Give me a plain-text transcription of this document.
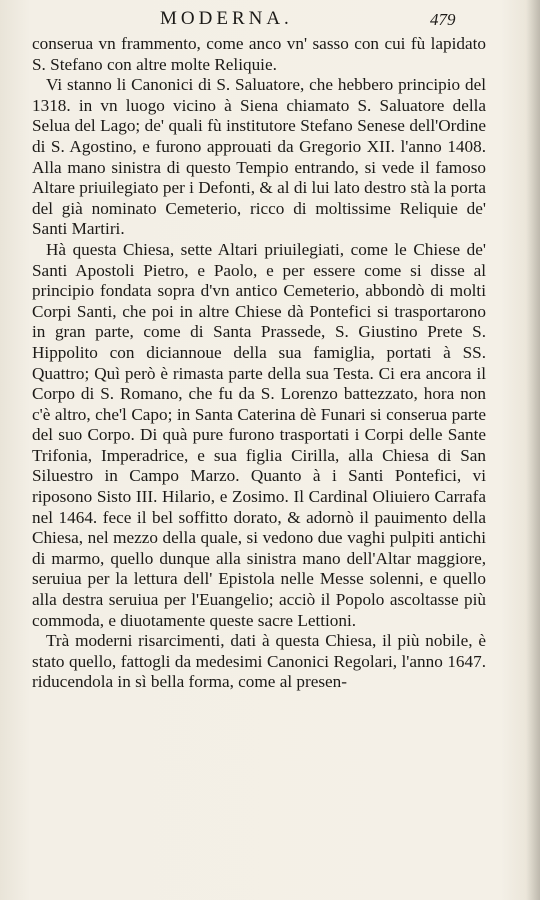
MODERNA.	479

conserua vn frammento, come anco vn' sasso con cui fù lapidato S. Stefano con altre molte Reliquie.

Vi stanno li Canonici di S. Saluatore, che hebbero principio del 1318. in vn luogo vicino à Siena chiamato S. Saluatore della Selua del Lago; de' quali fù institutore Stefano Senese dell'Ordine di S. Agostino, e furono approuati da Gregorio XII. l'anno 1408. Alla mano sinistra di questo Tempio entrando, si vede il famoso Altare priuilegiato per i Defonti, & al di lui lato destro stà la porta del già nominato Cemeterio, ricco di moltissime Reliquie de' Santi Martiri.

Hà questa Chiesa, sette Altari priuilegiati, come le Chiese de' Santi Apostoli Pietro, e Paolo, e per essere come si disse al principio fondata sopra d'vn antico Cemeterio, abbondò di molti Corpi Santi, che poi in altre Chiese dà Pontefici si trasportarono in gran parte, come di Santa Prassede, S. Giustino Prete S. Hippolito con diciannoue della sua famiglia, portati à SS. Quattro; Quì però è rimasta parte della sua Testa. Ci era ancora il Corpo di S. Romano, che fu da S. Lorenzo battezzato, hora non c'è altro, che'l Capo; in Santa Caterina dè Funari si conserua parte del suo Corpo. Di quà pure furono trasportati i Corpi delle Sante Trifonia, Imperadrice, e sua figlia Cirilla, alla Chiesa di San Siluestro in Campo Marzo. Quanto à i Santi Pontefici, vi riposono Sisto III. Hilario, e Zosimo. Il Cardinal Oliuiero Carrafa nel 1464. fece il bel soffitto dorato, & adornò il pauimento della Chiesa, nel mezzo della quale, si vedono due vaghi pulpiti antichi di marmo, quello dunque alla sinistra mano dell'Altar maggiore, seruiua per la lettura dell' Epistola nelle Messe solenni, e quello alla destra seruiua per l'Euangelio; acciò il Popolo ascoltasse più commoda, e diuotamente queste sacre Lettioni.

Trà moderni risarcimenti, dati à questa Chiesa, il più nobile, è stato quello, fattogli da medesimi Canonici Regolari, l'anno 1647. riducendola in sì bella forma, come al presen-
